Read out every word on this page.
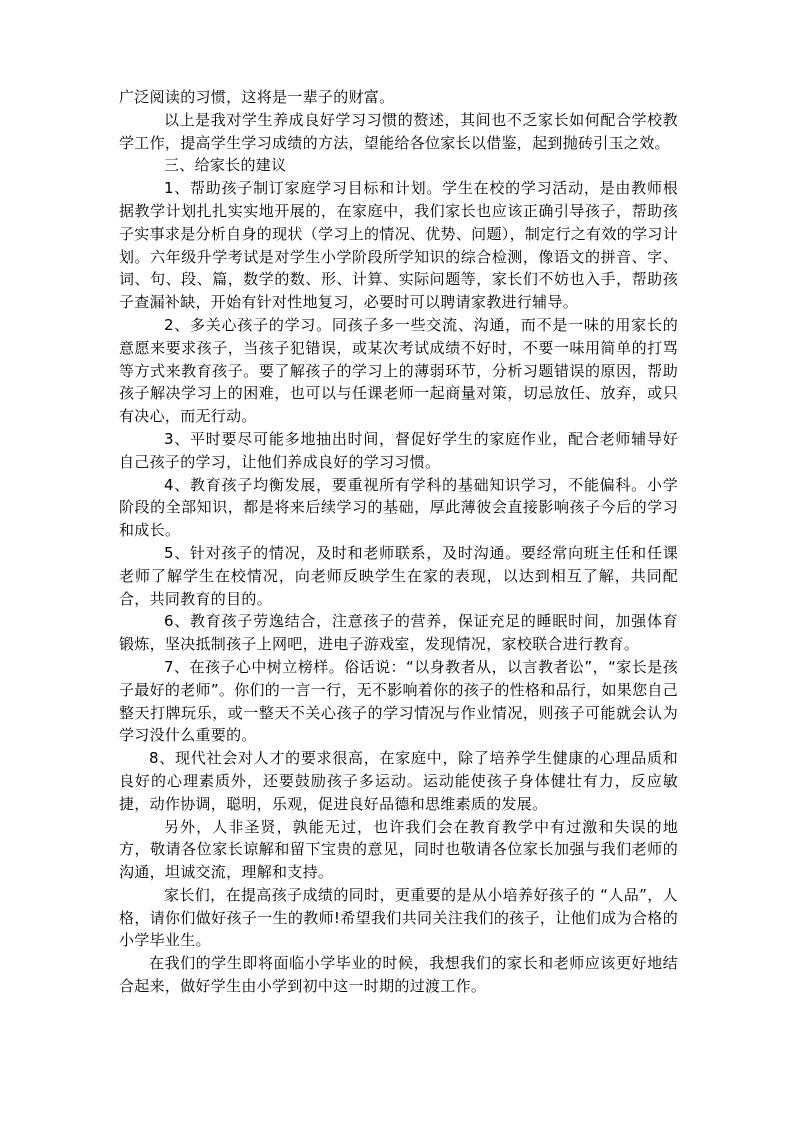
广泛阅读的习惯，这将是一辈子的财富。

以上是我对学生养成良好学习习惯的赘述，其间也不乏家长如何配合学校教学工作，提高学生学习成绩的方法，望能给各位家长以借鉴，起到抛砖引玉之效。

三、给家长的建议

1、帮助孩子制订家庭学习目标和计划。学生在校的学习活动，是由教师根据教学计划扎扎实实地开展的，在家庭中，我们家长也应该正确引导孩子，帮助孩子实事求是分析自身的现状（学习上的情况、优势、问题），制定行之有效的学习计划。六年级升学考试是对学生小学阶段所学知识的综合检测，像语文的拼音、字、词、句、段、篇，数学的数、形、计算、实际问题等，家长们不妨也入手，帮助孩子查漏补缺，开始有针对性地复习，必要时可以聘请家教进行辅导。

2、多关心孩子的学习。同孩子多一些交流、沟通，而不是一味的用家长的意愿来要求孩子，当孩子犯错误，或某次考试成绩不好时，不要一味用简单的打骂等方式来教育孩子。要了解孩子的学习上的薄弱环节，分析习题错误的原因，帮助孩子解决学习上的困难，也可以与任课老师一起商量对策，切忌放任、放弃，或只有决心，而无行动。

3、平时要尽可能多地抽出时间，督促好学生的家庭作业，配合老师辅导好自己孩子的学习，让他们养成良好的学习习惯。

4、教育孩子均衡发展，要重视所有学科的基础知识学习，不能偏科。小学阶段的全部知识，都是将来后续学习的基础，厚此薄彼会直接影响孩子今后的学习和成长。

5、针对孩子的情况，及时和老师联系，及时沟通。要经常向班主任和任课老师了解学生在校情况，向老师反映学生在家的表现，以达到相互了解，共同配合，共同教育的目的。

6、教育孩子劳逸结合，注意孩子的营养，保证充足的睡眠时间，加强体育锻炼，坚决抵制孩子上网吧，进电子游戏室，发现情况，家校联合进行教育。

7、在孩子心中树立榜样。俗话说：“以身教者从，以言教者讼”，“家长是孩子最好的老师”。你们的一言一行，无不影响着你的孩子的性格和品行，如果您自己整天打牌玩乐，或一整天不关心孩子的学习情况与作业情况，则孩子可能就会认为学习没什么重要的。

8、现代社会对人才的要求很高，在家庭中，除了培养学生健康的心理品质和良好的心理素质外，还要鼓励孩子多运动。运动能使孩子身体健壮有力，反应敏捷，动作协调，聪明，乐观，促进良好品德和思维素质的发展。

另外，人非圣贤，孰能无过，也许我们会在教育教学中有过激和失误的地方，敬请各位家长谅解和留下宝贵的意见，同时也敬请各位家长加强与我们老师的沟通，坦诚交流，理解和支持。

家长们，在提高孩子成绩的同时，更重要的是从小培养好孩子的 “人品”，人格，请你们做好孩子一生的教师!希望我们共同关注我们的孩子，让他们成为合格的小学毕业生。

在我们的学生即将面临小学毕业的时候，我想我们的家长和老师应该更好地结合起来，做好学生由小学到初中这一时期的过渡工作。
